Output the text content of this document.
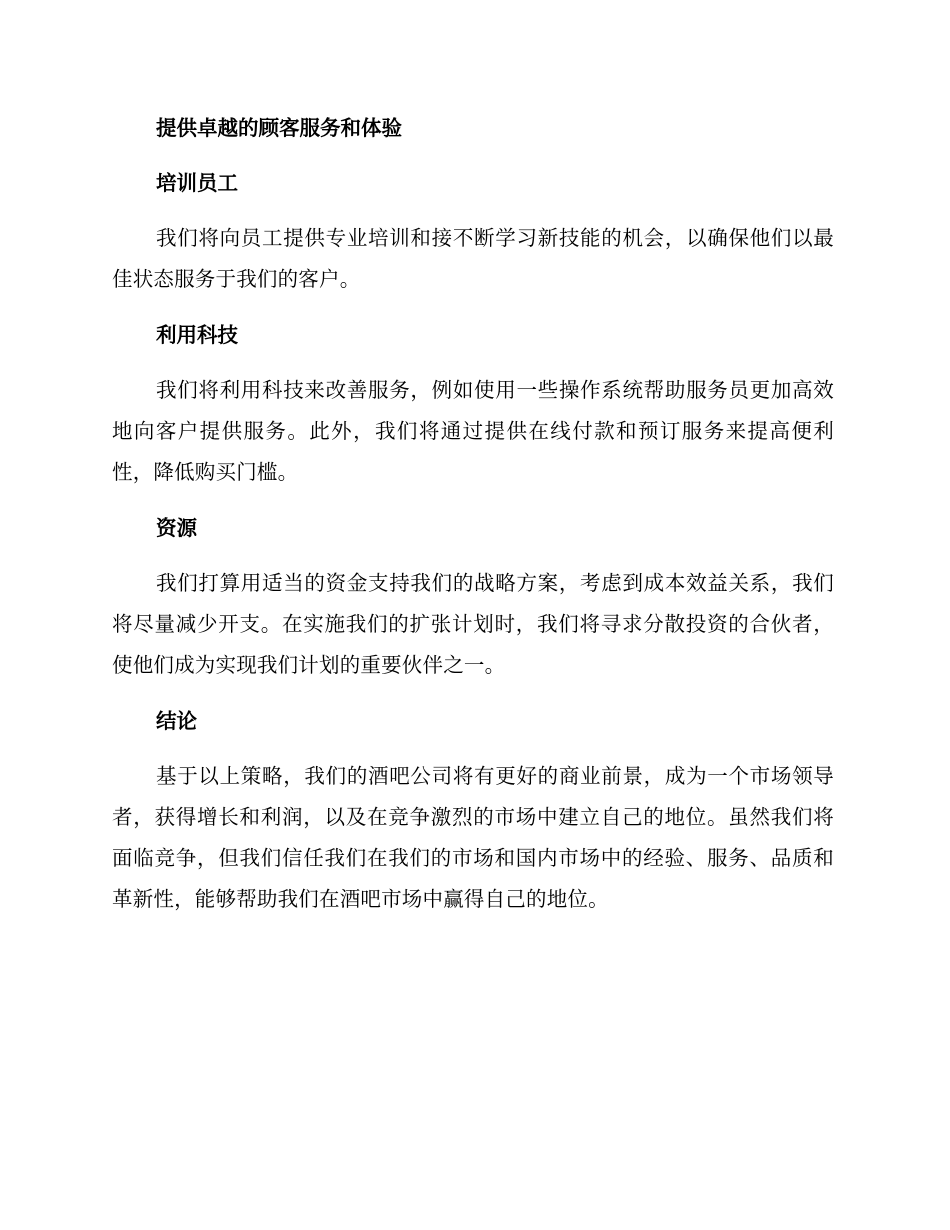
提供卓越的顾客服务和体验
培训员工

我们将向员工提供专业培训和接不断学习新技能的机会，以确保他们以最佳状态服务于我们的客户。

利用科技

我们将利用科技来改善服务，例如使用一些操作系统帮助服务员更加高效地向客户提供服务。此外，我们将通过提供在线付款和预订服务来提高便利性，降低购买门槛。

资源

我们打算用适当的资金支持我们的战略方案，考虑到成本效益关系，我们将尽量减少开支。在实施我们的扩张计划时，我们将寻求分散投资的合伙者，使他们成为实现我们计划的重要伙伴之一。

结论

基于以上策略，我们的酒吧公司将有更好的商业前景，成为一个市场领导者，获得增长和利润，以及在竞争激烈的市场中建立自己的地位。虽然我们将面临竞争，但我们信任我们在我们的市场和国内市场中的经验、服务、品质和革新性，能够帮助我们在酒吧市场中赢得自己的地位。
